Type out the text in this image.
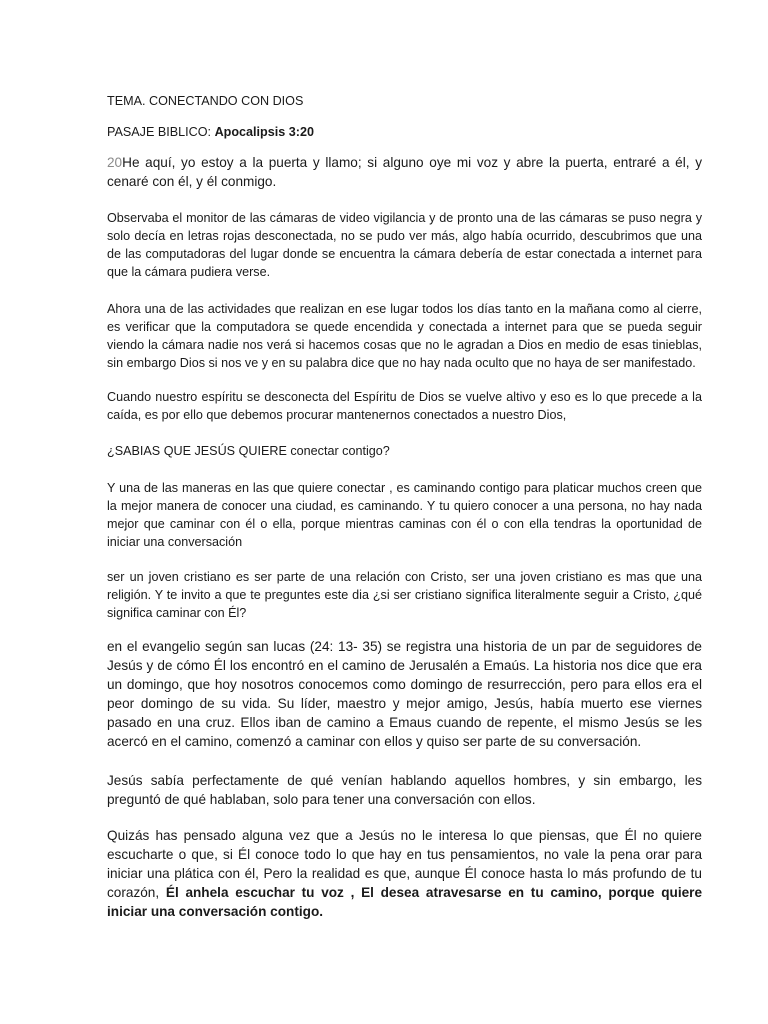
TEMA. CONECTANDO CON DIOS

PASAJE BIBLICO: Apocalipsis 3:20

20He aquí, yo estoy a la puerta y llamo; si alguno oye mi voz y abre la puerta, entraré a él, y cenaré con él, y él conmigo.

Observaba el monitor de las cámaras de video vigilancia y de pronto una de las cámaras se puso negra y solo decía en letras rojas desconectada, no se pudo ver más, algo había ocurrido, descubrimos que una de las computadoras del lugar donde se encuentra la cámara debería de estar conectada a internet para que la cámara pudiera verse.

Ahora una de las actividades que realizan en ese lugar todos los días tanto en la mañana como al cierre, es verificar que la computadora se quede encendida y conectada a internet para que se pueda seguir viendo la cámara nadie nos verá si hacemos cosas que no le agradan a Dios en medio de esas tinieblas, sin embargo Dios si nos ve y en su palabra dice que no hay nada oculto que no haya de ser manifestado.

Cuando nuestro espíritu se desconecta del Espíritu de Dios se vuelve altivo y eso es lo que precede a la caída, es por ello que debemos procurar mantenernos conectados a nuestro Dios,

¿SABIAS QUE JESÚS QUIERE conectar contigo?

Y una de las maneras en las que quiere conectar , es caminando contigo para platicar muchos creen que la mejor manera de conocer una ciudad, es caminando. Y tu quiero conocer a una persona, no hay nada mejor que caminar con él o ella, porque mientras caminas con él o con ella tendras la oportunidad de iniciar una conversación

ser un joven cristiano es ser parte de una relación con Cristo, ser una joven cristiano es mas que una religión. Y te invito a que te preguntes este dia ¿si ser cristiano significa literalmente seguir a Cristo, ¿qué significa caminar con Él?

en el evangelio según san lucas (24: 13- 35) se registra una historia de un par de seguidores de Jesús y de cómo Él los encontró en el camino de Jerusalén a Emaús. La historia nos dice que era un domingo, que hoy nosotros conocemos como domingo de resurrección, pero para ellos era el peor domingo de su vida. Su líder, maestro y mejor amigo, Jesús, había muerto ese viernes pasado en una cruz. Ellos iban de camino a Emaus cuando de repente, el mismo Jesús se les acercó en el camino, comenzó a caminar con ellos y quiso ser parte de su conversación.

Jesús sabía perfectamente de qué venían hablando aquellos hombres, y sin embargo, les preguntó de qué hablaban, solo para tener una conversación con ellos.

Quizás has pensado alguna vez que a Jesús no le interesa lo que piensas, que Él no quiere escucharte o que, si Él conoce todo lo que hay en tus pensamientos, no vale la pena orar para iniciar una plática con él, Pero la realidad es que, aunque Él conoce hasta lo más profundo de tu corazón, Él anhela escuchar tu voz , El desea atravesarse en tu camino, porque quiere iniciar una conversación contigo.
